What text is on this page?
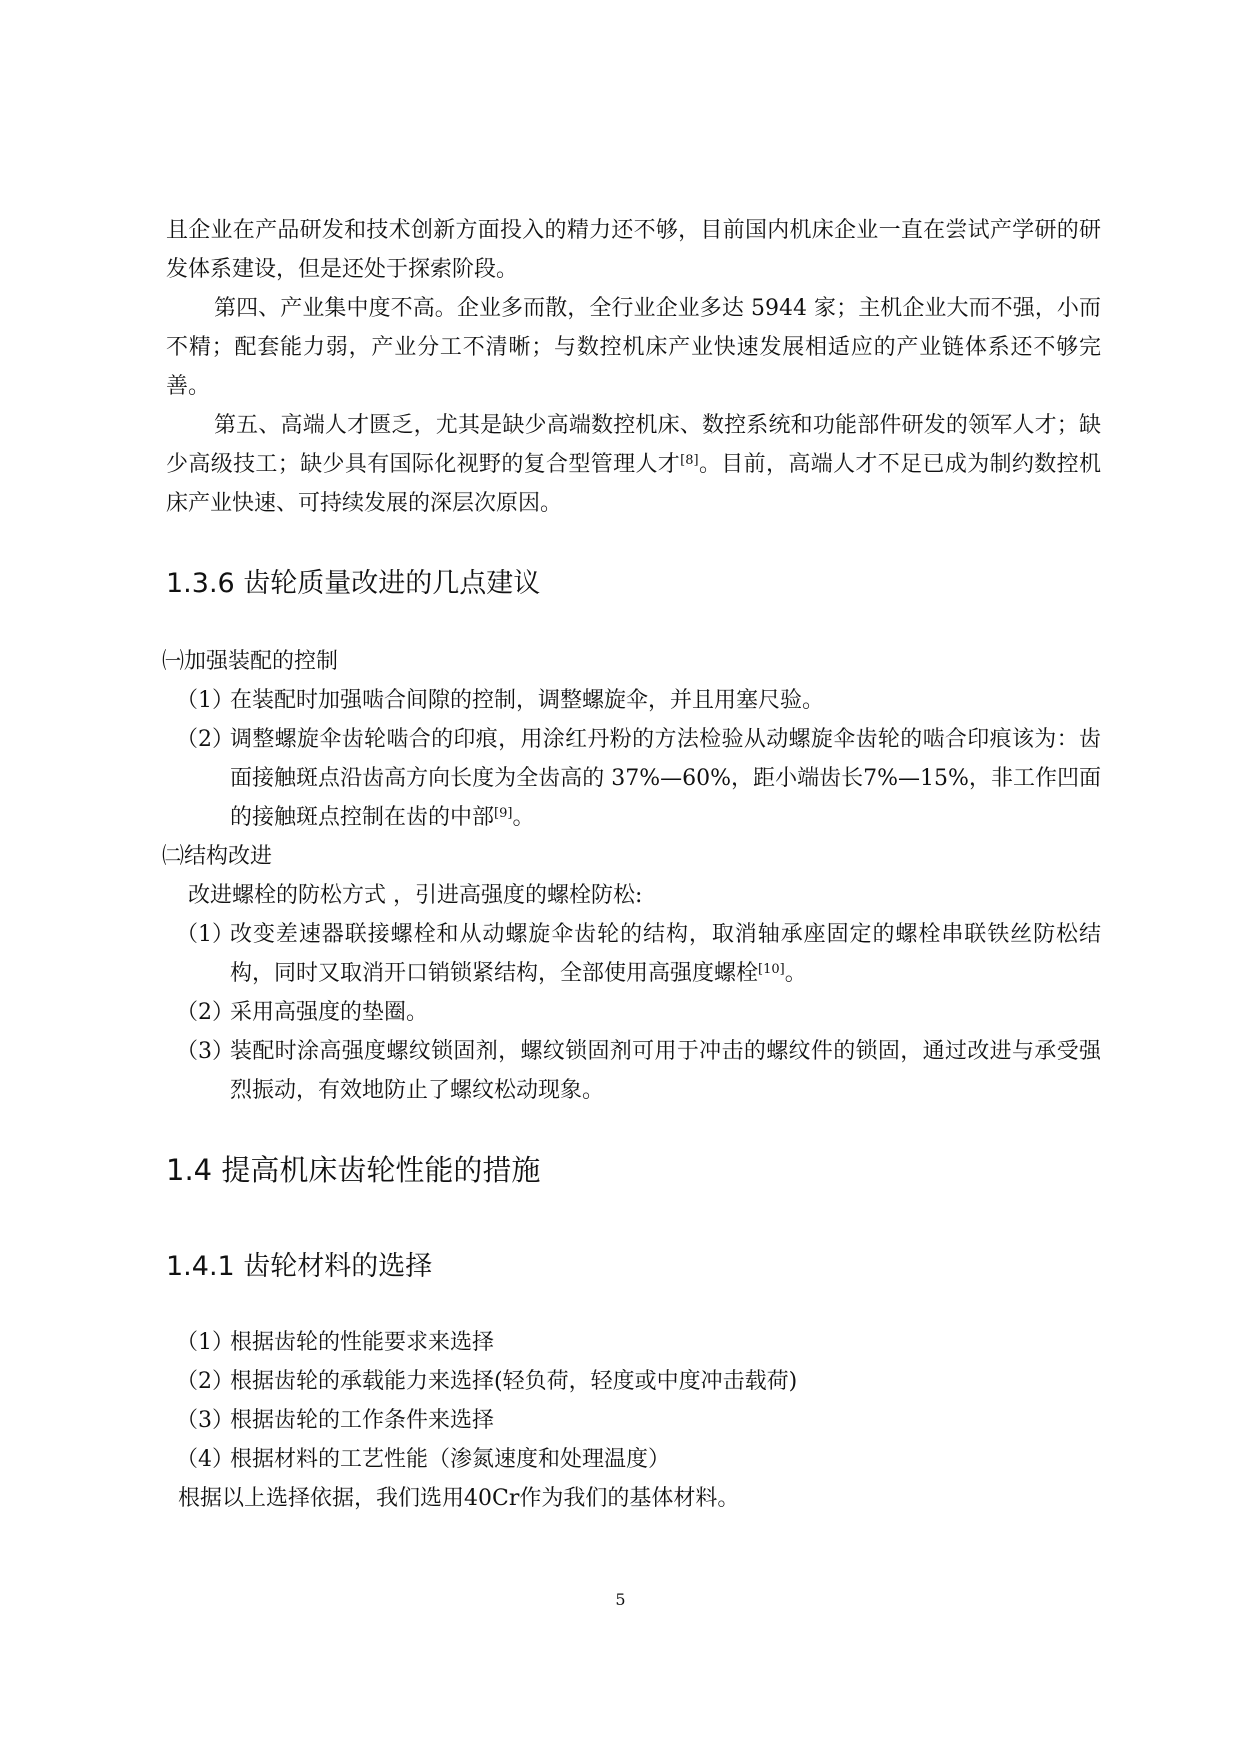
且企业在产品研发和技术创新方面投入的精力还不够，目前国内机床企业一直在尝试产学研的研发体系建设，但是还处于探索阶段。

第四、产业集中度不高。企业多而散，全行业企业多达 5944 家；主机企业大而不强，小而不精；配套能力弱，产业分工不清晰；与数控机床产业快速发展相适应的产业链体系还不够完善。

第五、高端人才匮乏，尤其是缺少高端数控机床、数控系统和功能部件研发的领军人才；缺少高级技工；缺少具有国际化视野的复合型管理人才[8]。目前，高端人才不足已成为制约数控机床产业快速、可持续发展的深层次原因。

1.3.6 齿轮质量改进的几点建议

㈠加强装配的控制

（1）
在装配时加强啮合间隙的控制，调整螺旋伞，并且用塞尺验。
（2）
调整螺旋伞齿轮啮合的印痕，用涂红丹粉的方法检验从动螺旋伞齿轮的啮合印痕该为：齿面接触斑点沿齿高方向长度为全齿高的 37%—60%，距小端齿长7%—15%，非工作凹面的接触斑点控制在齿的中部[9]。

㈡结构改进

改进螺栓的防松方式 ，引进高强度的螺栓防松:

（1）
改变差速器联接螺栓和从动螺旋伞齿轮的结构，取消轴承座固定的螺栓串联铁丝防松结构，同时又取消开口销锁紧结构，全部使用高强度螺栓[10]。
（2）
采用高强度的垫圈。
（3）
装配时涂高强度螺纹锁固剂，螺纹锁固剂可用于冲击的螺纹件的锁固，通过改进与承受强烈振动，有效地防止了螺纹松动现象。
1.4 提高机床齿轮性能的措施
1.4.1 齿轮材料的选择
（1）
根据齿轮的性能要求来选择
（2）
根据齿轮的承载能力来选择(轻负荷，轻度或中度冲击载荷)
（3）
根据齿轮的工作条件来选择
（4）
根据材料的工艺性能（渗氮速度和处理温度）

根据以上选择依据，我们选用40Cr作为我们的基体材料。

5
